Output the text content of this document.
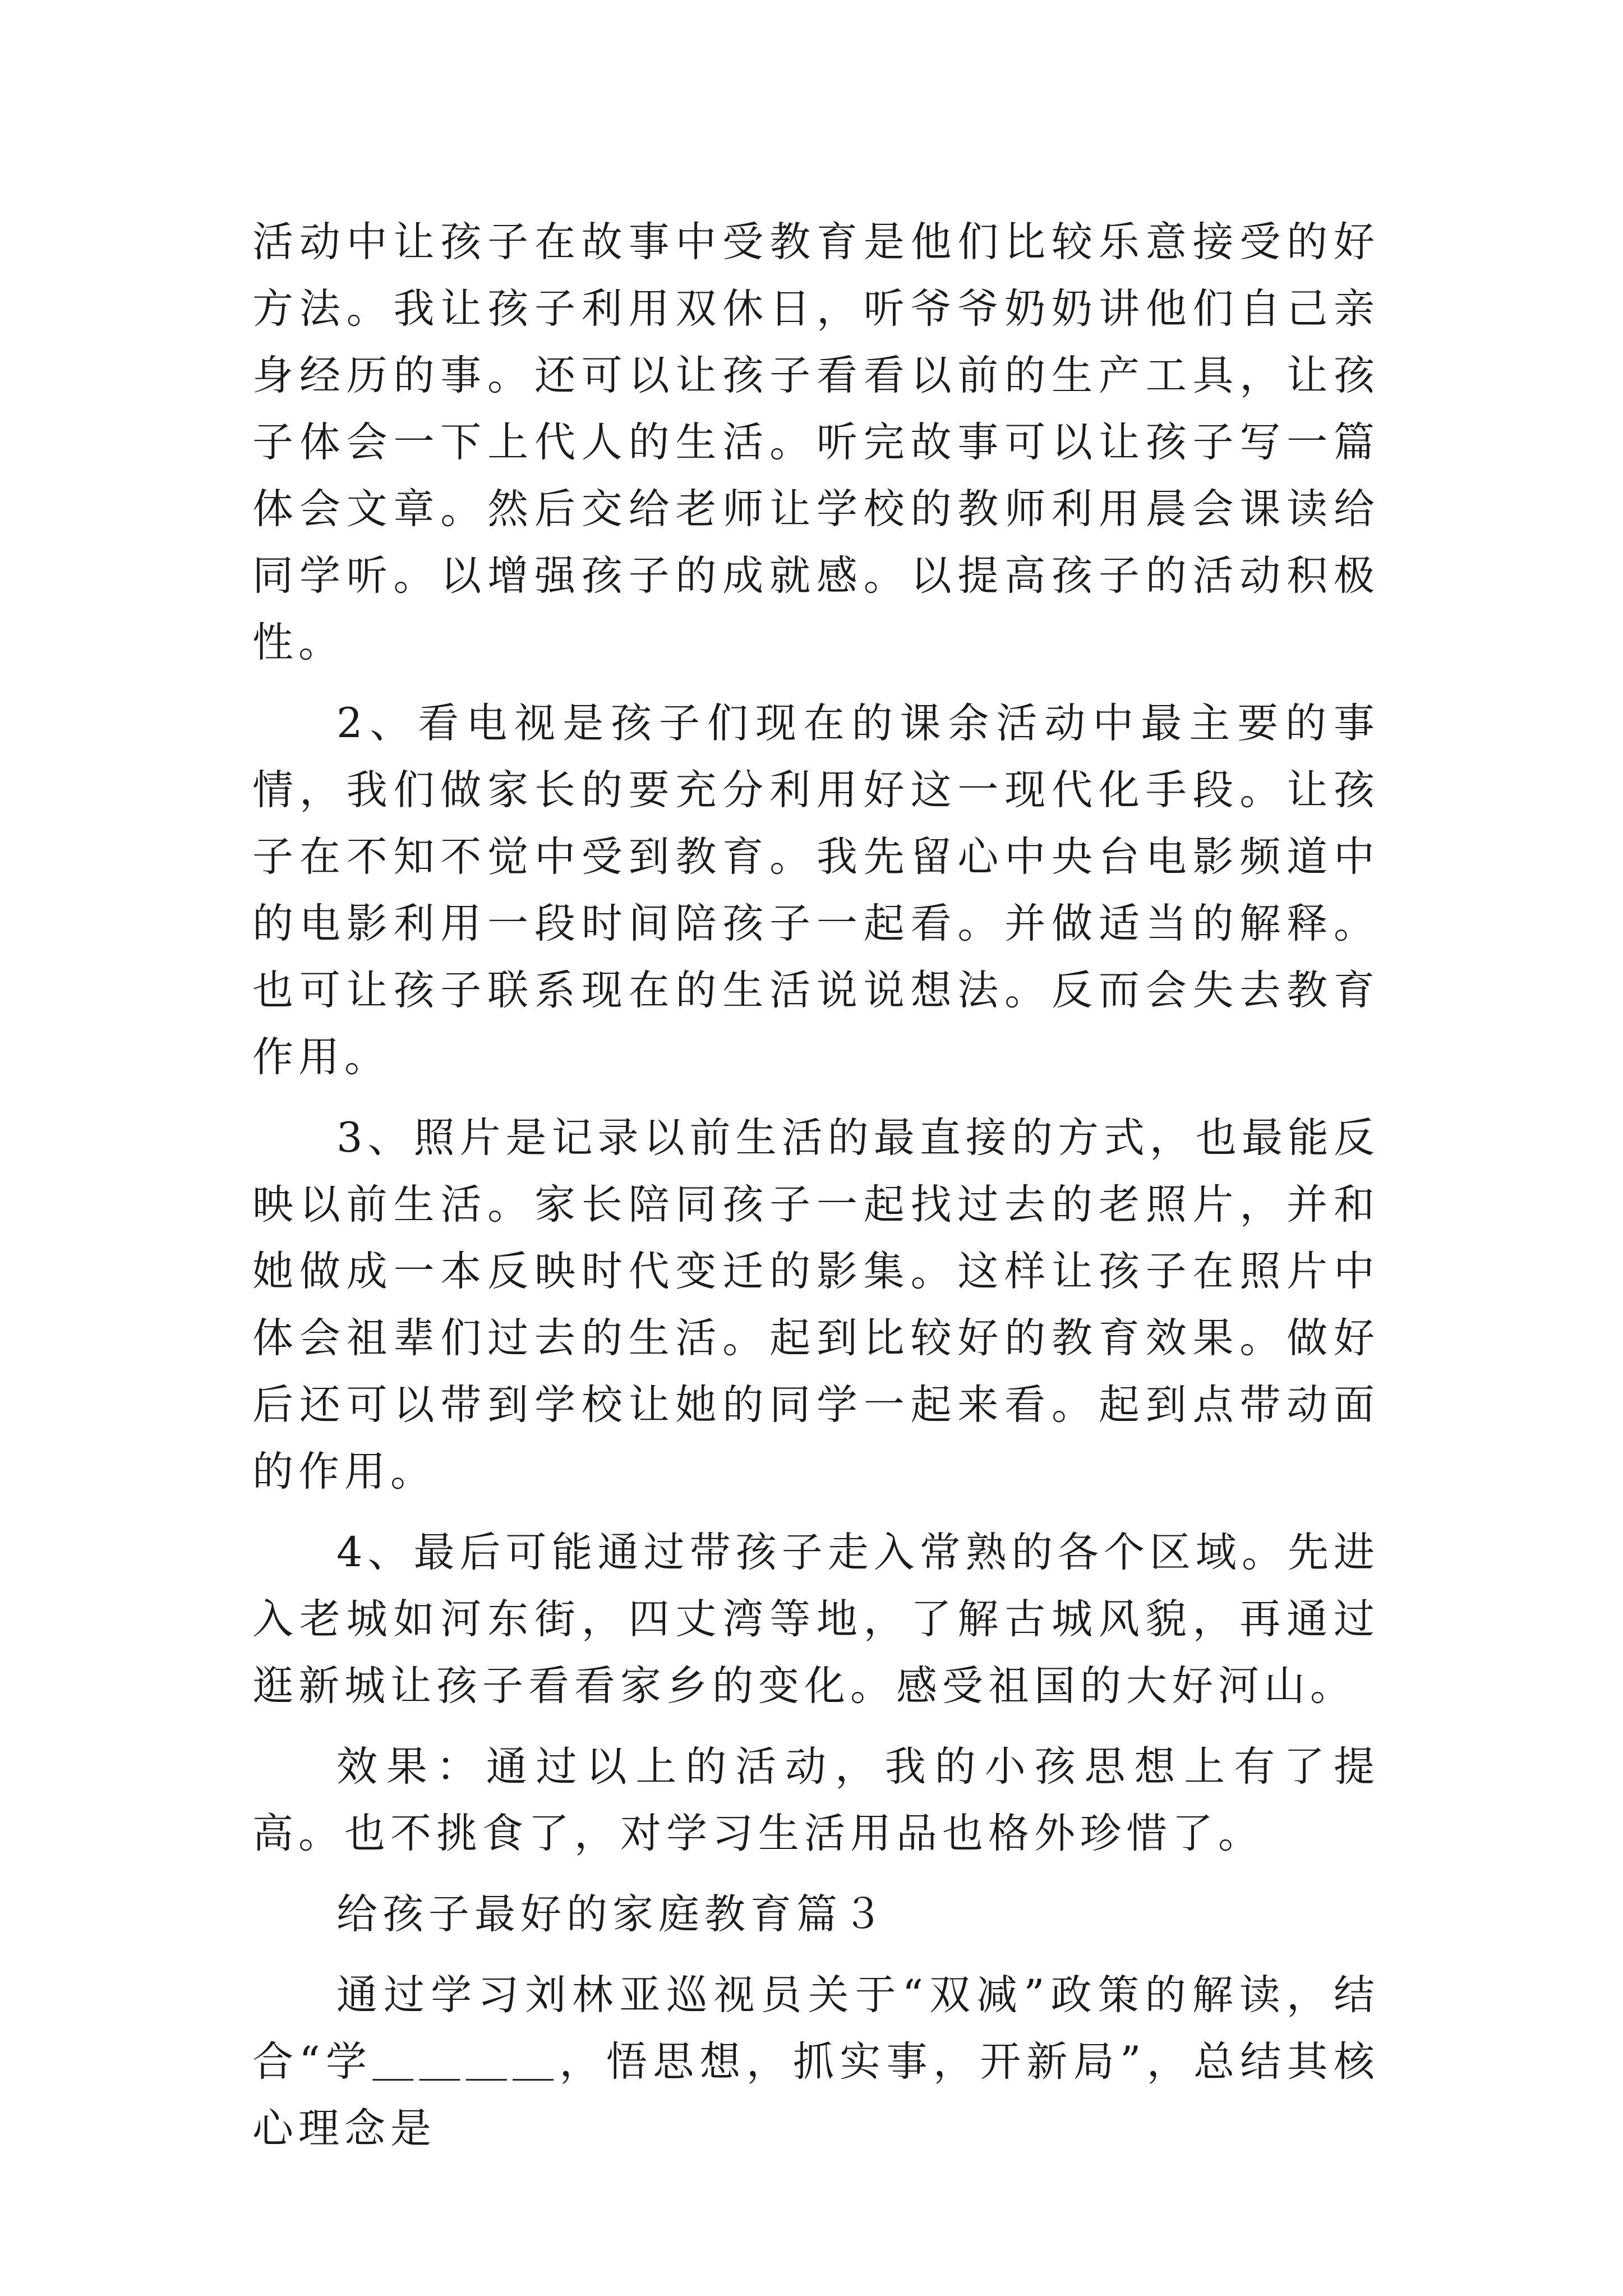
活动中让孩子在故事中受教育是他们比较乐意接受的好方法。我让孩子利用双休日，听爷爷奶奶讲他们自己亲身经历的事。还可以让孩子看看以前的生产工具，让孩子体会一下上代人的生活。听完故事可以让孩子写一篇体会文章。然后交给老师让学校的教师利用晨会课读给同学听。以增强孩子的成就感。以提高孩子的活动积极性。

2、看电视是孩子们现在的课余活动中最主要的事情，我们做家长的要充分利用好这一现代化手段。让孩子在不知不觉中受到教育。我先留心中央台电影频道中的电影利用一段时间陪孩子一起看。并做适当的解释。也可让孩子联系现在的生活说说想法。反而会失去教育作用。

3、照片是记录以前生活的最直接的方式，也最能反映以前生活。家长陪同孩子一起找过去的老照片，并和她做成一本反映时代变迁的影集。这样让孩子在照片中体会祖辈们过去的生活。起到比较好的教育效果。做好后还可以带到学校让她的同学一起来看。起到点带动面的作用。

4、最后可能通过带孩子走入常熟的各个区域。先进入老城如河东街，四丈湾等地，了解古城风貌，再通过逛新城让孩子看看家乡的变化。感受祖国的大好河山。

效果：通过以上的活动，我的小孩思想上有了提高。也不挑食了，对学习生活用品也格外珍惜了。

给孩子最好的家庭教育篇３

通过学习刘林亚巡视员关于“双减”政策的解读，结合“学＿＿＿＿，悟思想，抓实事，开新局”，总结其核心理念是
